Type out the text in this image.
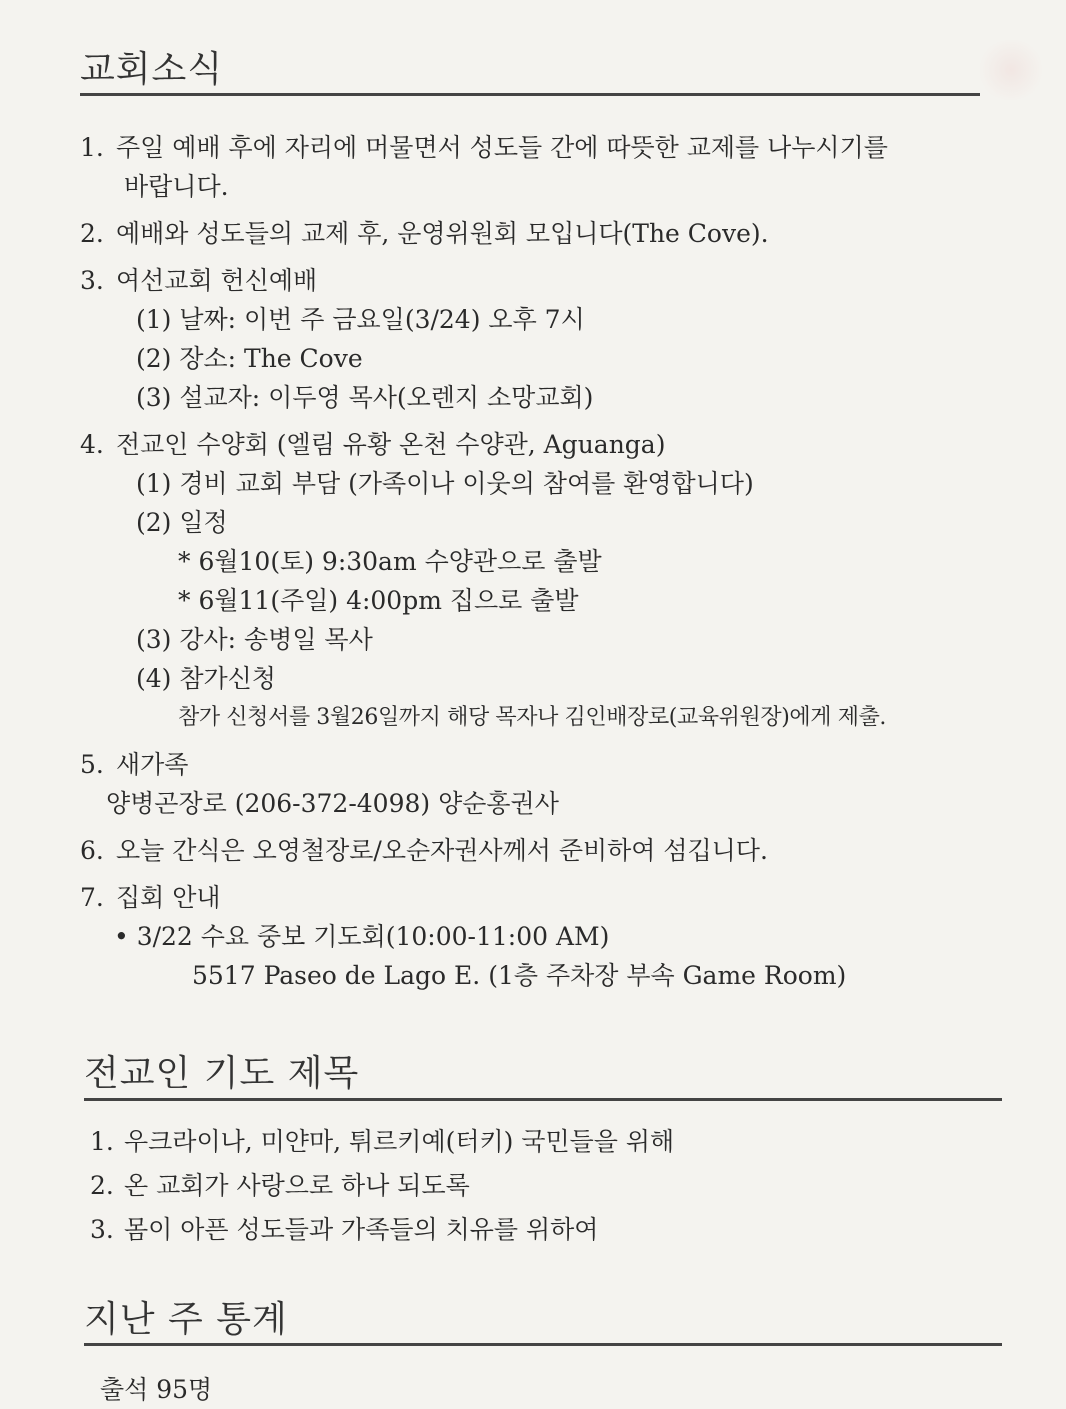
교회소식
1. 주일 예배 후에 자리에 머물면서 성도들 간에 따뜻한 교제를 나누시기를
바랍니다.
2. 예배와 성도들의 교제 후, 운영위원회 모입니다(The Cove).
3. 여선교회 헌신예배
(1) 날짜: 이번 주 금요일(3/24) 오후 7시
(2) 장소: The Cove
(3) 설교자: 이두영 목사(오렌지 소망교회)
4. 전교인 수양회 (엘림 유황 온천 수양관, Aguanga)
(1) 경비 교회 부담 (가족이나 이웃의 참여를 환영합니다)
(2) 일정
* 6월10(토) 9:30am 수양관으로 출발
* 6월11(주일) 4:00pm 집으로 출발
(3) 강사: 송병일 목사
(4) 참가신청
참가 신청서를 3월26일까지 해당 목자나 김인배장로(교육위원장)에게 제출.
5. 새가족
양병곤장로 (206-372-4098) 양순홍권사
6. 오늘 간식은 오영철장로/오순자권사께서 준비하여 섬깁니다.
7. 집회 안내
• 3/22 수요 중보 기도회(10:00-11:00 AM)
5517 Paseo de Lago E. (1층 주차장 부속 Game Room)
전교인 기도 제목
1. 우크라이나, 미얀마, 튀르키예(터키) 국민들을 위해
2. 온 교회가 사랑으로 하나 되도록
3. 몸이 아픈 성도들과 가족들의 치유를 위하여
지난 주 통계
출석 95명
